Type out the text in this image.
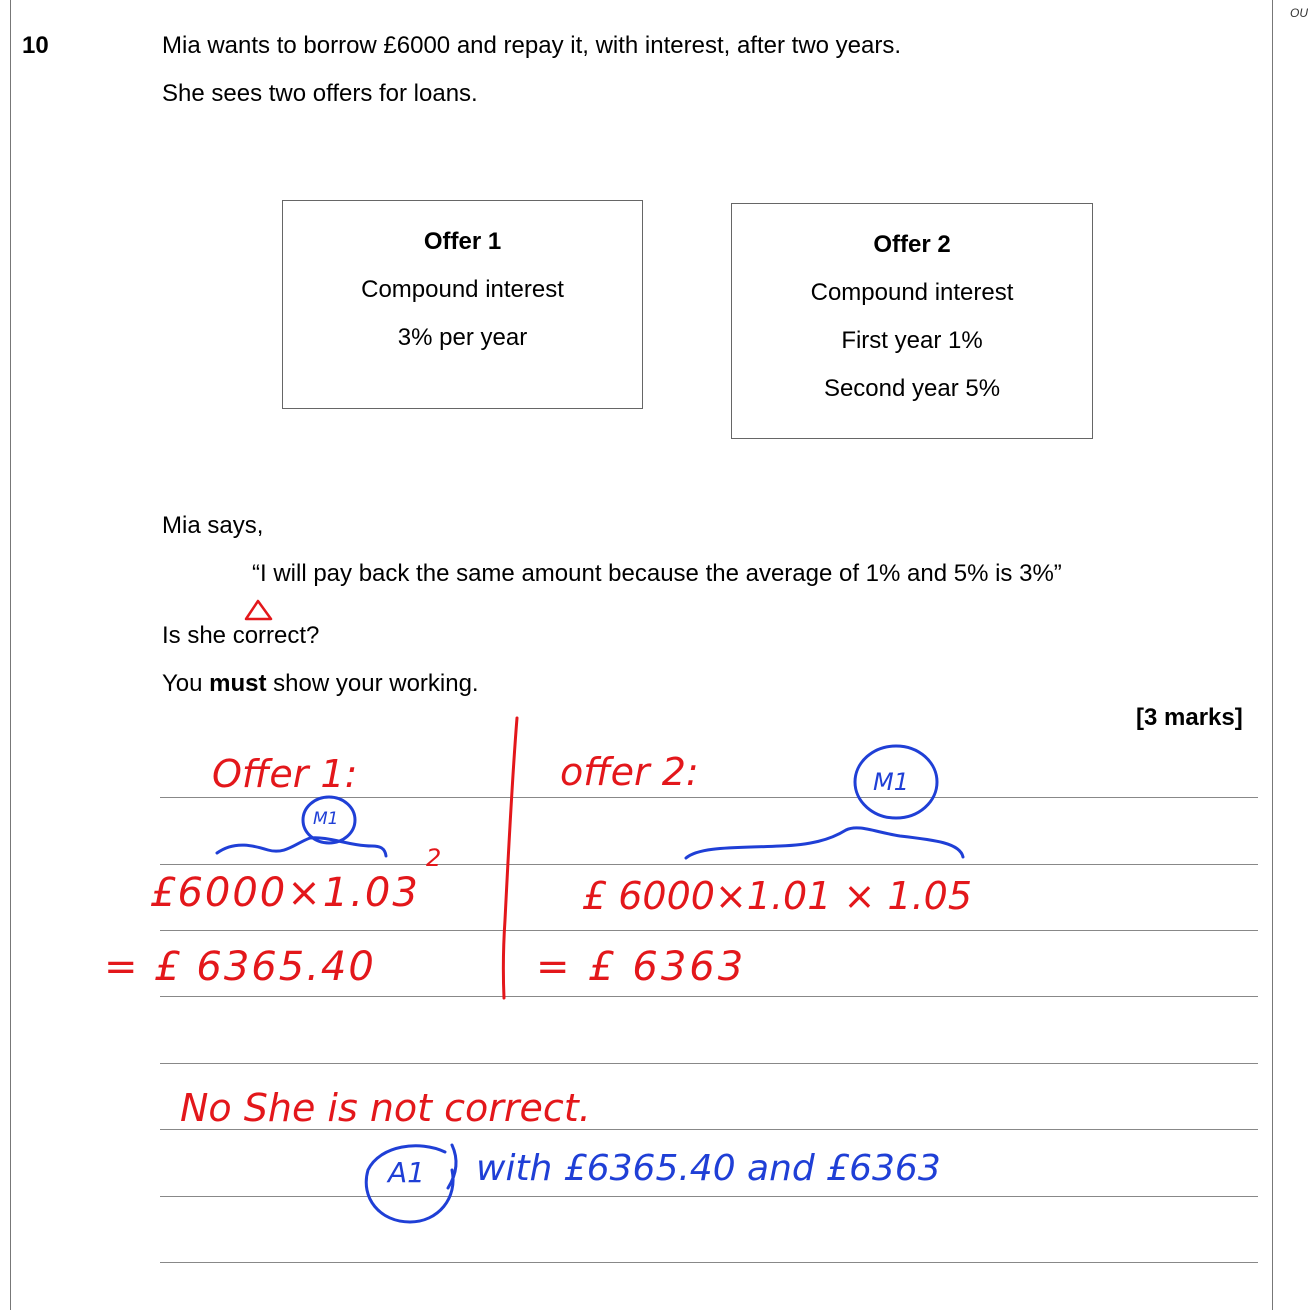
OU
10	Mia wants to borrow £6000 and repay it, with interest, after two years.
She sees two offers for loans.
Offer 1
Compound interest
3% per year
Offer 2
Compound interest
First year 1%
Second year 5%
Mia says,
“I will pay back the same amount because the average of 1% and 5% is 3%”
Is she correct?
You must show your working.
[3 marks]
Offer 1:
£6000×1.03
2
= £ 6365.40
offer 2:
£ 6000×1.01 × 1.05
= £ 6363
No She is not correct.
M1
M1
A1 with £6365.40 and £6363
